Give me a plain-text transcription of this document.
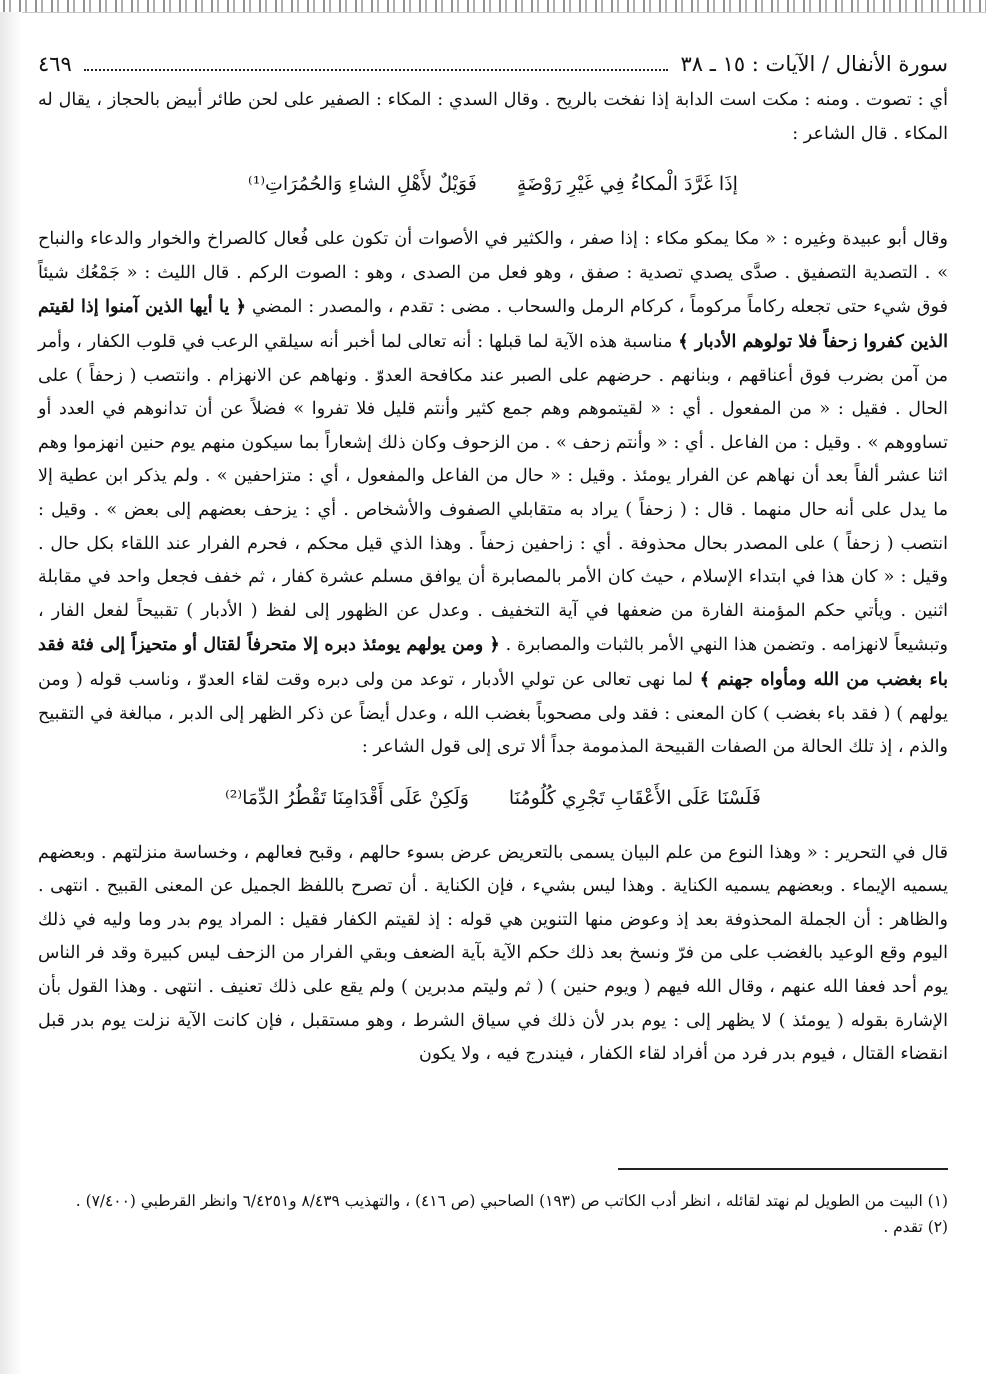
سورة الأنفال / الآيات : ١٥ ـ ٣٨
٤٦٩

أي : تصوت . ومنه : مكت است الدابة إذا نفخت بالريح . وقال السدي : المكاء : الصفير على لحن طائر أبيض بالحجاز ، يقال له المكاء . قال الشاعر :

إذَا غَرَّدَ الْمكاءُ فِي غَيْرِ رَوْضَةٍ
فَوَيْلٌ لأَهْلِ الشاءِ وَالحُمُرَاتِ⁽¹⁾

وقال أبو عبيدة وغيره : « مكا يمكو مكاء : إذا صفر ، والكثير في الأصوات أن تكون على فُعال كالصراخ والخوار والدعاء والنباح » . التصدية التصفيق . صدَّى يصدي تصدية : صفق ، وهو فعل من الصدى ، وهو : الصوت الركم . قال الليث : « جَمْعُك شيئاً فوق شيء حتى تجعله ركاماً مركوماً ، كركام الرمل والسحاب . مضى : تقدم ، والمصدر : المضي ﴿ يا أيها الذين آمنوا إذا لقيتم الذين كفروا زحفاً فلا تولوهم الأدبار ﴾ مناسبة هذه الآية لما قبلها : أنه تعالى لما أخبر أنه سيلقي الرعب في قلوب الكفار ، وأمر من آمن بضرب فوق أعناقهم ، وبنانهم . حرضهم على الصبر عند مكافحة العدوّ . ونهاهم عن الانهزام . وانتصب ( زحفاً ) على الحال . فقيل : « من المفعول . أي : « لقيتموهم وهم جمع كثير وأنتم قليل فلا تفروا » فضلاً عن أن تدانوهم في العدد أو تساووهم » . وقيل : من الفاعل . أي : « وأنتم زحف » . من الزحوف وكان ذلك إشعاراً بما سيكون منهم يوم حنين انهزموا وهم اثنا عشر ألفاً بعد أن نهاهم عن الفرار يومئذ . وقيل : « حال من الفاعل والمفعول ، أي : متزاحفين » . ولم يذكر ابن عطية إلا ما يدل على أنه حال منهما . قال : ( زحفاً ) يراد به متقابلي الصفوف والأشخاص . أي : يزحف بعضهم إلى بعض » . وقيل : انتصب ( زحفاً ) على المصدر بحال محذوفة . أي : زاحفين زحفاً . وهذا الذي قيل محكم ، فحرم الفرار عند اللقاء بكل حال . وقيل : « كان هذا في ابتداء الإسلام ، حيث كان الأمر بالمصابرة أن يوافق مسلم عشرة كفار ، ثم خفف فجعل واحد في مقابلة اثنين . ويأتي حكم المؤمنة الفارة من ضعفها في آية التخفيف . وعدل عن الظهور إلى لفظ ( الأدبار ) تقبيحاً لفعل الفار ، وتبشيعاً لانهزامه . وتضمن هذا النهي الأمر بالثبات والمصابرة . ﴿ ومن يولهم يومئذ دبره إلا متحرفاً لقتال أو متحيزاً إلى فئة فقد باء بغضب من الله ومأواه جهنم ﴾ لما نهى تعالى عن تولي الأدبار ، توعد من ولى دبره وقت لقاء العدوّ ، وناسب قوله ( ومن يولهم ) ( فقد باء بغضب ) كان المعنى : فقد ولى مصحوباً بغضب الله ، وعدل أيضاً عن ذكر الظهر إلى الدبر ، مبالغة في التقبيح والذم ، إذ تلك الحالة من الصفات القبيحة المذمومة جداً ألا ترى إلى قول الشاعر :

فَلَسْنَا عَلَى الأَعْقَابِ تَجْرِي كُلُومُنَا
وَلَكِنْ عَلَى أَقْدَامِنَا تَقْطُرُ الدِّمَا⁽²⁾

قال في التحرير : « وهذا النوع من علم البيان يسمى بالتعريض عرض بسوء حالهم ، وقبح فعالهم ، وخساسة منزلتهم . وبعضهم يسميه الإيماء . وبعضهم يسميه الكناية . وهذا ليس بشيء ، فإن الكناية . أن تصرح باللفظ الجميل عن المعنى القبيح . انتهى . والظاهر : أن الجملة المحذوفة بعد إذ وعوض منها التنوين هي قوله : إذ لقيتم الكفار فقيل : المراد يوم بدر وما وليه في ذلك اليوم وقع الوعيد بالغضب على من فرّ ونسخ بعد ذلك حكم الآية بآية الضعف وبقي الفرار من الزحف ليس كبيرة وقد فر الناس يوم أحد فعفا الله عنهم ، وقال الله فيهم ( ويوم حنين ) ( ثم وليتم مدبرين ) ولم يقع على ذلك تعنيف . انتهى . وهذا القول بأن الإشارة بقوله ( يومئذ ) لا يظهر إلى : يوم بدر لأن ذلك في سياق الشرط ، وهو مستقبل ، فإن كانت الآية نزلت يوم بدر قبل انقضاء القتال ، فيوم بدر فرد من أفراد لقاء الكفار ، فيندرج فيه ، ولا يكون

(١) البيت من الطويل لم نهتد لقائله ، انظر أدب الكاتب ص (١٩٣) الصاحبي (ص ٤١٦) ، والتهذيب ٨/٤٣٩ و٦/٤٢٥١ وانظر القرطبي (٧/٤٠٠) .

(٢) تقدم .
